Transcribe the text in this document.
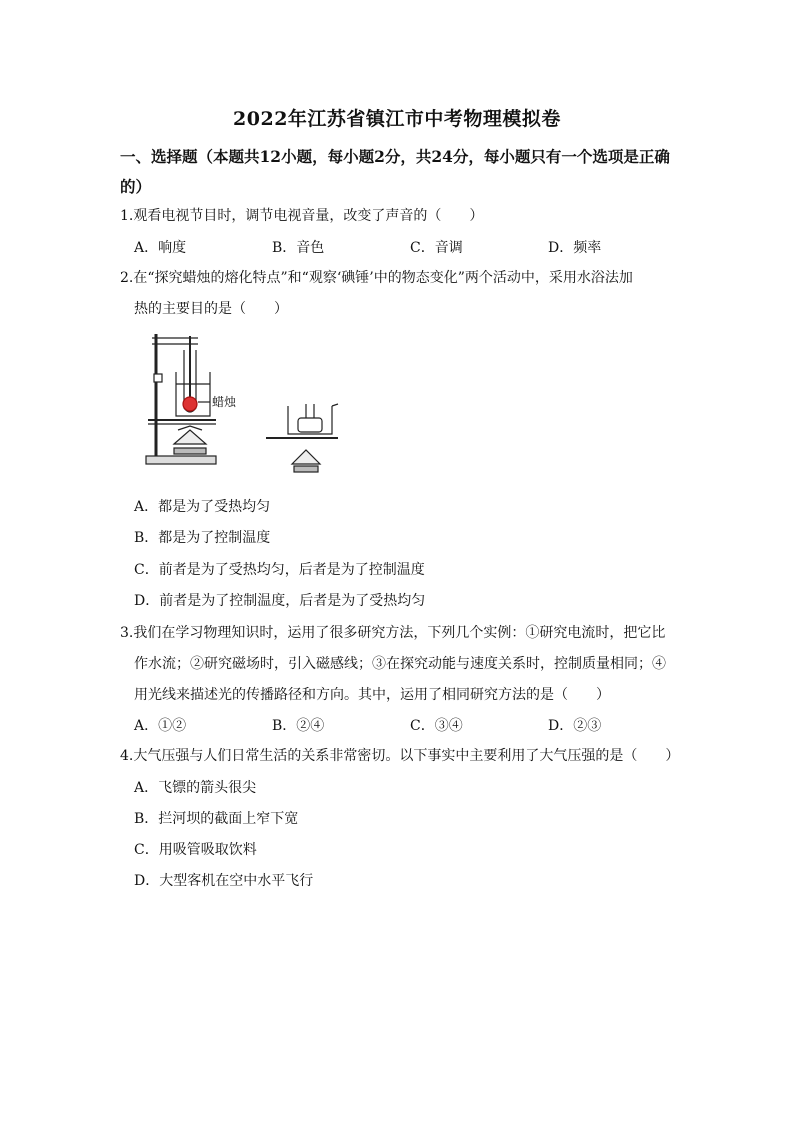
2022年江苏省镇江市中考物理模拟卷
一、选择题（本题共12小题，每小题2分，共24分，每小题只有一个选项是正确的）
1.观看电视节目时，调节电视音量，改变了声音的（　　）
A．响度	B．音色	C．音调	D．频率
2.在“探究蜡烛的熔化特点”和“观察‘碘锤’中的物态变化”两个活动中，采用水浴法加
热的主要目的是（　　）
蜡烛
A．都是为了受热均匀
B．都是为了控制温度
C．前者是为了受热均匀，后者是为了控制温度
D．前者是为了控制温度，后者是为了受热均匀
3.我们在学习物理知识时，运用了很多研究方法，下列几个实例：①研究电流时，把它比
作水流；②研究磁场时，引入磁感线；③在探究动能与速度关系时，控制质量相同；④
用光线来描述光的传播路径和方向。其中，运用了相同研究方法的是（　　）
A．①②	B．②④	C．③④	D．②③
4.大气压强与人们日常生活的关系非常密切。以下事实中主要利用了大气压强的是（　　）
A．飞镖的箭头很尖
B．拦河坝的截面上窄下宽
C．用吸管吸取饮料
D．大型客机在空中水平飞行
